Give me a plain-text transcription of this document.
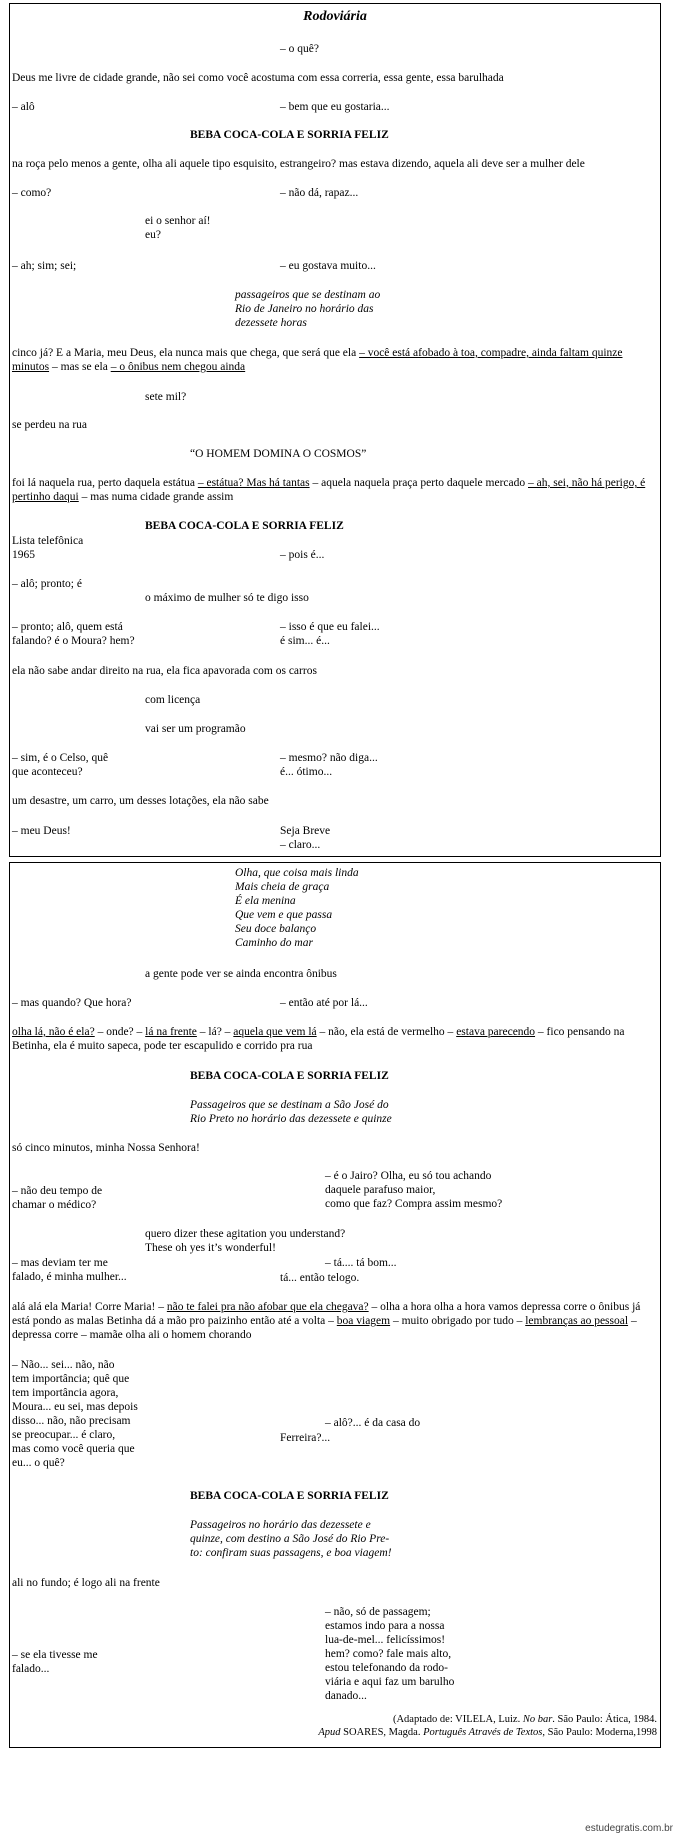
Rodoviária

– o quê?

Deus me livre de cidade grande, não sei como você acostuma com essa correria, essa gente, essa barulhada

– alô	– bem que eu gostaria...

BEBA COCA-COLA E SORRIA FELIZ

na roça pelo menos a gente, olha ali aquele tipo esquisito, estrangeiro? mas estava dizendo, aquela ali deve ser a mulher dele

– como?	– não dá, rapaz...

ei o senhor aí!
eu?

– ah; sim; sei;	– eu gostava muito...

passageiros que se destinam ao
Rio de Janeiro no horário das
dezessete horas

cinco já? E a Maria, meu Deus, ela nunca mais que chega, que será que ela – você está afobado à toa, compadre, ainda faltam quinze minutos – mas se ela – o ônibus nem chegou ainda

sete mil?

se perdeu na rua

“O HOMEM DOMINA O COSMOS”

foi lá naquela rua, perto daquela estátua – estátua? Mas há tantas – aquela naquela praça perto daquele mercado – ah, sei, não há perigo, é pertinho daqui – mas numa cidade grande assim

BEBA COCA-COLA E SORRIA FELIZ

Lista telefônica
1965	– pois é...

– alô; pronto; é

o máximo de mulher só te digo isso

– pronto; alô, quem está
falando? é o Moura? hem?

– isso é que eu falei...
é sim... é...

ela não sabe andar direito na rua, ela fica apavorada com os carros

com licença

vai ser um programão

– sim, é o Celso, quê
que aconteceu?

– mesmo? não diga...
é... ótimo...

um desastre, um carro, um desses lotações, ela não sabe

– meu Deus!	Seja Breve
– claro...

Olha, que coisa mais linda
Mais cheia de graça
É ela menina
Que vem e que passa
Seu doce balanço
Caminho do mar

a gente pode ver se ainda encontra ônibus

– mas quando? Que hora?	– então até por lá...

olha lá, não é ela? – onde? – lá na frente – lá? – aquela que vem lá – não, ela está de vermelho – estava parecendo – fico pensando na Betinha, ela é muito sapeca, pode ter escapulido e corrido pra rua

BEBA COCA-COLA E SORRIA FELIZ

Passageiros que se destinam a São José do
Rio Preto no horário das dezessete e quinze

só cinco minutos, minha Nossa Senhora!

– não deu tempo de
chamar o médico?

– é o Jairo? Olha, eu só tou achando
daquele parafuso maior,
como que faz? Compra assim mesmo?

quero dizer these agitation you understand?
These oh yes it’s wonderful!

– mas deviam ter me
falado, é minha mulher...

– tá.... tá bom...

tá... então telogo.

alá alá ela Maria! Corre Maria! – não te falei pra não afobar que ela chegava? – olha a hora olha a hora vamos depressa corre o ônibus já está pondo as malas Betinha dá a mão pro paizinho então até a volta – boa viagem – muito obrigado por tudo – lembranças ao pessoal – depressa corre – mamãe olha ali o homem chorando

– Não... sei... não, não
tem importância; quê que
tem importância agora,
Moura... eu sei, mas depois
disso... não, não precisam
se preocupar... é claro,
mas como você queria que
eu... o quê?

– alô?... é da casa do

Ferreira?...

BEBA COCA-COLA E SORRIA FELIZ

Passageiros no horário das dezessete e
quinze, com destino a São José do Rio Pre-
to: confiram suas passagens, e boa viagem!

ali no fundo; é logo ali na frente

– se ela tivesse me
falado...

– não, só de passagem;
estamos indo para a nossa
lua-de-mel... felicíssimos!
hem? como? fale mais alto,
estou telefonando da rodo-
viária e aqui faz um barulho
danado...

(Adaptado de: VILELA, Luiz. No bar. São Paulo: Ática, 1984.

Apud SOARES, Magda. Português Através de Textos, São Paulo: Moderna,1998

estudegratis.com.br
